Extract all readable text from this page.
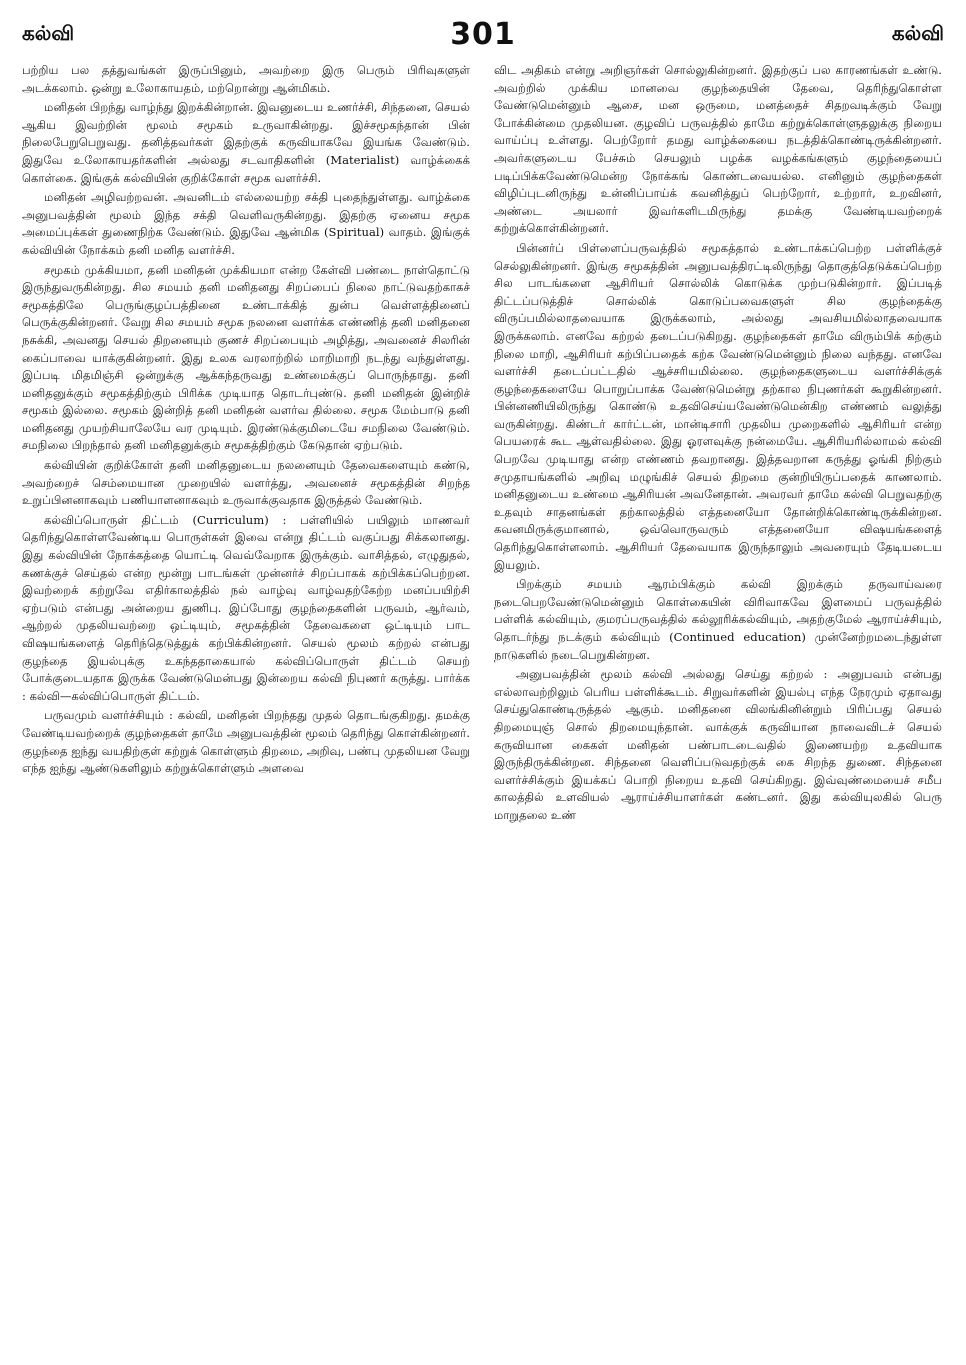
கல்வி	301	கல்வி

பற்றிய பல தத்துவங்கள் இருப்பினும், அவற்றை இரு பெரும் பிரிவுகளுள் அடக்கலாம். ஒன்று உலோகாயதம், மற்றொன்று ஆன்மிகம்.

மனிதன் பிறந்து வாழ்ந்து இறக்கின்றான். இவனுடைய உணர்ச்சி, சிந்தனை, செயல் ஆகிய இவற்றின் மூலம் சமூகம் உருவாகின்றது. இச்சமூகந்தான் பின் நிலைபேறுபெறுவது. தனித்தவர்கள் இதற்குக் கருவியாகவே இயங்க வேண்டும். இதுவே உலோகாயதர்களின் அல்லது சடவாதிகளின் (Materialist) வாழ்க்கைக் கொள்கை. இங்குக் கல்வியின் குறிக்கோள் சமூக வளர்ச்சி.

மனிதன் அழிவற்றவன். அவனிடம் எல்லையற்ற சக்தி புதைந்துள்ளது. வாழ்க்கை அனுபவத்தின் மூலம் இந்த சக்தி வெளிவருகின்றது. இதற்கு ஏனைய சமூக அமைப்புக்கள் துணைநிற்க வேண்டும். இதுவே ஆன்மிக (Spiritual) வாதம். இங்குக் கல்வியின் நோக்கம் தனி மனித வளர்ச்சி.

சமூகம் முக்கியமா, தனி மனிதன் முக்கியமா என்ற கேள்வி பண்டை நாள்தொட்டு இருந்துவருகின்றது. சில சமயம் தனி மனிதனது சிறப்பைப் நிலை நாட்டுவதற்காகச் சமூகத்திலே பெருங்குழப்பத்தினை உண்டாக்கித் துன்ப வெள்ளத்தினைப் பெருக்குகின்றனர். வேறு சில சமயம் சமூக நலனை வளர்க்க எண்ணித் தனி மனிதனை நசுக்கி, அவனது செயல் திறனையும் குணச் சிறப்பையும் அழித்து, அவனைச் சிலரின் கைப்பாவை யாக்குகின்றனர். இது உலக வரலாற்றில் மாறிமாறி நடந்து வந்துள்ளது. இப்படி மிதமிஞ்சி ஒன்றுக்கு ஆக்கந்தருவது உண்மைக்குப் பொருந்தாது. தனி மனிதனுக்கும் சமூகத்திற்கும் பிரிக்க முடியாத தொடர்புண்டு. தனி மனிதன் இன்றிச் சமூகம் இல்லை. சமூகம் இன்றித் தனி மனிதன் வளர்வ தில்லை. சமூக மேம்பாடு தனி மனிதனது முயற்சியாலேயே வர முடியும். இரண்டுக்குமிடையே சமநிலை வேண்டும். சமநிலை பிறந்தால் தனி மனிதனுக்கும் சமூகத்திற்கும் கேடுதான் ஏற்படும்.

கல்வியின் குறிக்கோள் தனி மனிதனுடைய நலனையும் தேவைகளையும் கண்டு, அவற்றைச் செம்மையான முறையில் வளர்த்து, அவனைச் சமூகத்தின் சிறந்த உறுப்பினனாகவும் பணியாளனாகவும் உருவாக்குவதாக இருத்தல் வேண்டும்.

கல்விப்பொருள் திட்டம் (Curriculum) : பள்ளியில் பயிலும் மாணவர் தெரிந்துகொள்ளவேண்டிய பொருள்கள் இவை என்று திட்டம் வகுப்பது சிக்கலானது. இது கல்வியின் நோக்கத்தை யொட்டி வெவ்வேறாக இருக்கும். வாசித்தல், எழுதுதல், கணக்குச் செய்தல் என்ற மூன்று பாடங்கள் முன்னர்ச் சிறப்பாகக் கற்பிக்கப்பெற்றன. இவற்றைக் கற்றுவே எதிர்காலத்தில் நல் வாழ்வு வாழ்வதற்கேற்ற மனப்பயிற்சி ஏற்படும் என்பது அன்றைய துணிபு. இப்போது குழந்தைகளின் பருவம், ஆர்வம், ஆற்றல் முதலியவற்றை ஒட்டியும், சமூகத்தின் தேவைகளை ஒட்டியும் பாட விஷயங்களைத் தெரிந்தெடுத்துக் கற்பிக்கின்றனர். செயல் மூலம் கற்றல் என்பது குழந்தை இயல்புக்கு உகந்ததாகையால் கல்விப்பொருள் திட்டம் செயற் போக்குடையதாக இருக்க வேண்டுமென்பது இன்றைய கல்வி நிபுணர் கருத்து. பார்க்க : கல்வி—கல்விப்பொருள் திட்டம்.

பருவமும் வளர்ச்சியும் : கல்வி, மனிதன் பிறந்தது முதல் தொடங்குகிறது. தமக்கு வேண்டியவற்றைக் குழந்தைகள் தாமே அனுபவத்தின் மூலம் தெரிந்து கொள்கின்றனர். குழந்தை ஐந்து வயதிற்குள் கற்றுக் கொள்ளும் திறமை, அறிவு, பண்பு முதலியன வேறு எந்த ஐந்து ஆண்டுகளிலும் கற்றுக்கொள்ளும் அளவை

விட அதிகம் என்று அறிஞர்கள் சொல்லுகின்றனர். இதற்குப் பல காரணங்கள் உண்டு. அவற்றில் முக்கிய மானவை குழந்தையின் தேவை, தெரிந்துகொள்ள வேண்டுமென்னும் ஆசை, மன ஒருமை, மனத்தைச் சிதறவடிக்கும் வேறு போக்கின்மை முதலியன. குழவிப் பருவத்தில் தாமே கற்றுக்கொள்ளுதலுக்கு நிறைய வாய்ப்பு உள்ளது. பெற்றோர் தமது வாழ்க்கையை நடத்திக்கொண்டிருக்கின்றனர். அவர்களுடைய பேச்சும் செயலும் பழக்க வழக்கங்களும் குழந்தையைப் படிப்பிக்கவேண்டுமென்ற நோக்கங் கொண்டவையல்ல. எனினும் குழந்தைகள் விழிப்புடனிருந்து உன்னிப்பாய்க் கவனித்துப் பெற்றோர், உற்றார், உறவினர், அண்டை அயலார் இவர்களிடமிருந்து தமக்கு வேண்டியவற்றைக் கற்றுக்கொள்கின்றனர்.

பின்னர்ப் பிள்ளைப்பருவத்தில் சமூகத்தால் உண்டாக்கப்பெற்ற பள்ளிக்குச் செல்லுகின்றனர். இங்கு சமூகத்தின் அனுபவத்திரட்டிலிருந்து தொகுத்தெடுக்கப்பெற்ற சில பாடங்களை ஆசிரியர் சொல்லிக் கொடுக்க முற்படுகின்றார். இப்படித் திட்டப்படுத்திச் சொல்லிக் கொடுப்பவைகளுள் சில குழந்தைக்கு விருப்பமில்லாதவையாக இருக்கலாம், அல்லது அவசியமில்லாதவையாக இருக்கலாம். எனவே கற்றல் தடைப்படுகிறது. குழந்தைகள் தாமே விரும்பிக் கற்கும் நிலை மாறி, ஆசிரியர் கற்பிப்பதைக் கற்க வேண்டுமென்னும் நிலை வந்தது. எனவே வளர்ச்சி தடைப்பட்டதில் ஆச்சரியமில்லை. குழந்தைகளுடைய வளர்ச்சிக்குக் குழந்தைகளையே பொறுப்பாக்க வேண்டுமென்று தற்கால நிபுணர்கள் கூறுகின்றனர். பின்னணியிலிருந்து கொண்டு உதவிசெய்யவேண்டுமென்கிற எண்ணம் வலுத்து வருகின்றது. கிண்டர் கார்ட்டன், மான்டிசாரி முதலிய முறைகளில் ஆசிரியர் என்ற பெயரைக் கூட ஆள்வதில்லை. இது ஓரளவுக்கு நன்மையே. ஆசிரியரில்லாமல் கல்வி பெறவே முடியாது என்ற எண்ணம் தவறானது. இத்தவறான கருத்து ஓங்கி நிற்கும் சமுதாயங்களில் அறிவு மழுங்கிச் செயல் திறமை குன்றியிருப்பதைக் காணலாம். மனிதனுடைய உண்மை ஆசிரியன் அவனேதான். அவரவர் தாமே கல்வி பெறுவதற்கு உதவும் சாதனங்கள் தற்காலத்தில் எத்தனையோ தோன்றிக்கொண்டிருக்கின்றன. கவனமிருக்குமானால், ஒவ்வொருவரும் எத்தனையோ விஷயங்களைத் தெரிந்துகொள்ளலாம். ஆசிரியர் தேவையாக இருந்தாலும் அவரையும் தேடியடைய இயலும்.

பிறக்கும் சமயம் ஆரம்பிக்கும் கல்வி இறக்கும் தருவாய்வரை நடைபெறவேண்டுமென்னும் கொள்கையின் விரிவாகவே இளமைப் பருவத்தில் பள்ளிக் கல்வியும், குமரப்பருவத்தில் கல்லூரிக்கல்வியும், அதற்குமேல் ஆராய்ச்சியும், தொடர்ந்து நடக்கும் கல்வியும் (Continued education) முன்னேற்றமடைந்துள்ள நாடுகளில் நடைபெறுகின்றன.

அனுபவத்தின் மூலம் கல்வி அல்லது செய்து கற்றல் : அனுபவம் என்பது எல்லாவற்றிலும் பெரிய பள்ளிக்கூடம். சிறுவர்களின் இயல்பு எந்த நேரமும் ஏதாவது செய்துகொண்டிருத்தல் ஆகும். மனிதனை விலங்கினின்றும் பிரிப்பது செயல் திறமையுஞ் சொல் திறமையுந்தான். வாக்குக் கருவியான நாவைவிடச் செயல் கருவியான கைகள் மனிதன் பண்பாடடைவதில் இணையற்ற உதவியாக இருந்திருக்கின்றன. சிந்தனை வெளிப்படுவதற்குக் கை சிறந்த துணை. சிந்தனை வளர்ச்சிக்கும் இயக்கப் பொறி நிறைய உதவி செய்கிறது. இவ்வுண்மையைச் சமீப காலத்தில் உளவியல் ஆராய்ச்சியாளர்கள் கண்டனர். இது கல்வியுலகில் பெரு மாறுதலை உண்
